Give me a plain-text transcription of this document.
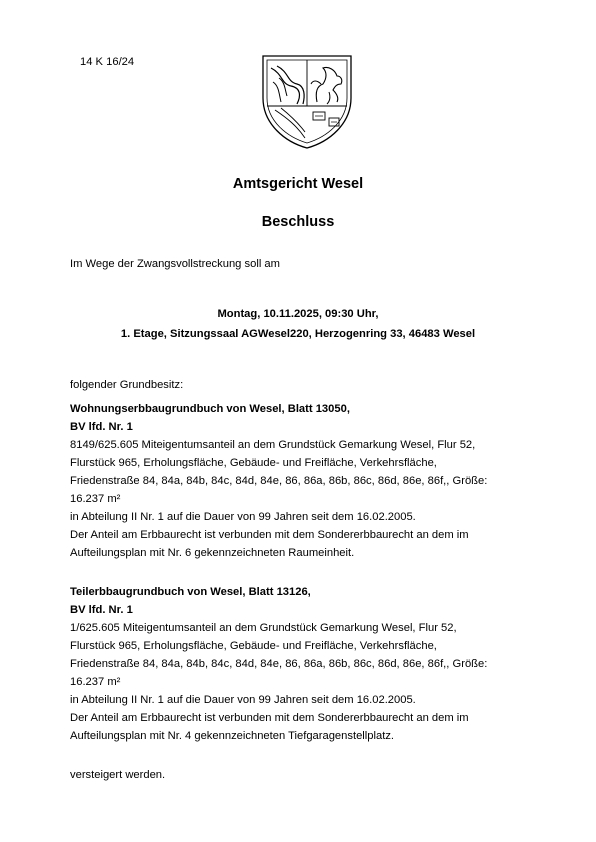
14 K 16/24
Amtsgericht Wesel
Beschluss
Im Wege der Zwangsvollstreckung soll am
Montag, 10.11.2025, 09:30 Uhr,
1. Etage, Sitzungssaal AGWesel220, Herzogenring 33, 46483 Wesel
folgender Grundbesitz:
Wohnungserbbaugrundbuch von Wesel, Blatt 13050,
BV lfd. Nr. 1
8149/625.605 Miteigentumsanteil an dem Grundstück Gemarkung Wesel, Flur 52,
Flurstück 965, Erholungsfläche, Gebäude- und Freifläche, Verkehrsfläche,
Friedenstraße 84, 84a, 84b, 84c, 84d, 84e, 86, 86a, 86b, 86c, 86d, 86e, 86f,, Größe:
16.237 m²
in Abteilung II Nr. 1 auf die Dauer von 99 Jahren seit dem 16.02.2005.
Der Anteil am Erbbaurecht ist verbunden mit dem Sondererbbaurecht an dem im
Aufteilungsplan mit Nr. 6 gekennzeichneten Raumeinheit.
Teilerbbaugrundbuch von Wesel, Blatt 13126,
BV lfd. Nr. 1
1/625.605 Miteigentumsanteil an dem Grundstück Gemarkung Wesel, Flur 52,
Flurstück 965, Erholungsfläche, Gebäude- und Freifläche, Verkehrsfläche,
Friedenstraße 84, 84a, 84b, 84c, 84d, 84e, 86, 86a, 86b, 86c, 86d, 86e, 86f,, Größe:
16.237 m²
in Abteilung II Nr. 1 auf die Dauer von 99 Jahren seit dem 16.02.2005.
Der Anteil am Erbbaurecht ist verbunden mit dem Sondererbbaurecht an dem im
Aufteilungsplan mit Nr. 4 gekennzeichneten Tiefgaragenstellplatz.
versteigert werden.
